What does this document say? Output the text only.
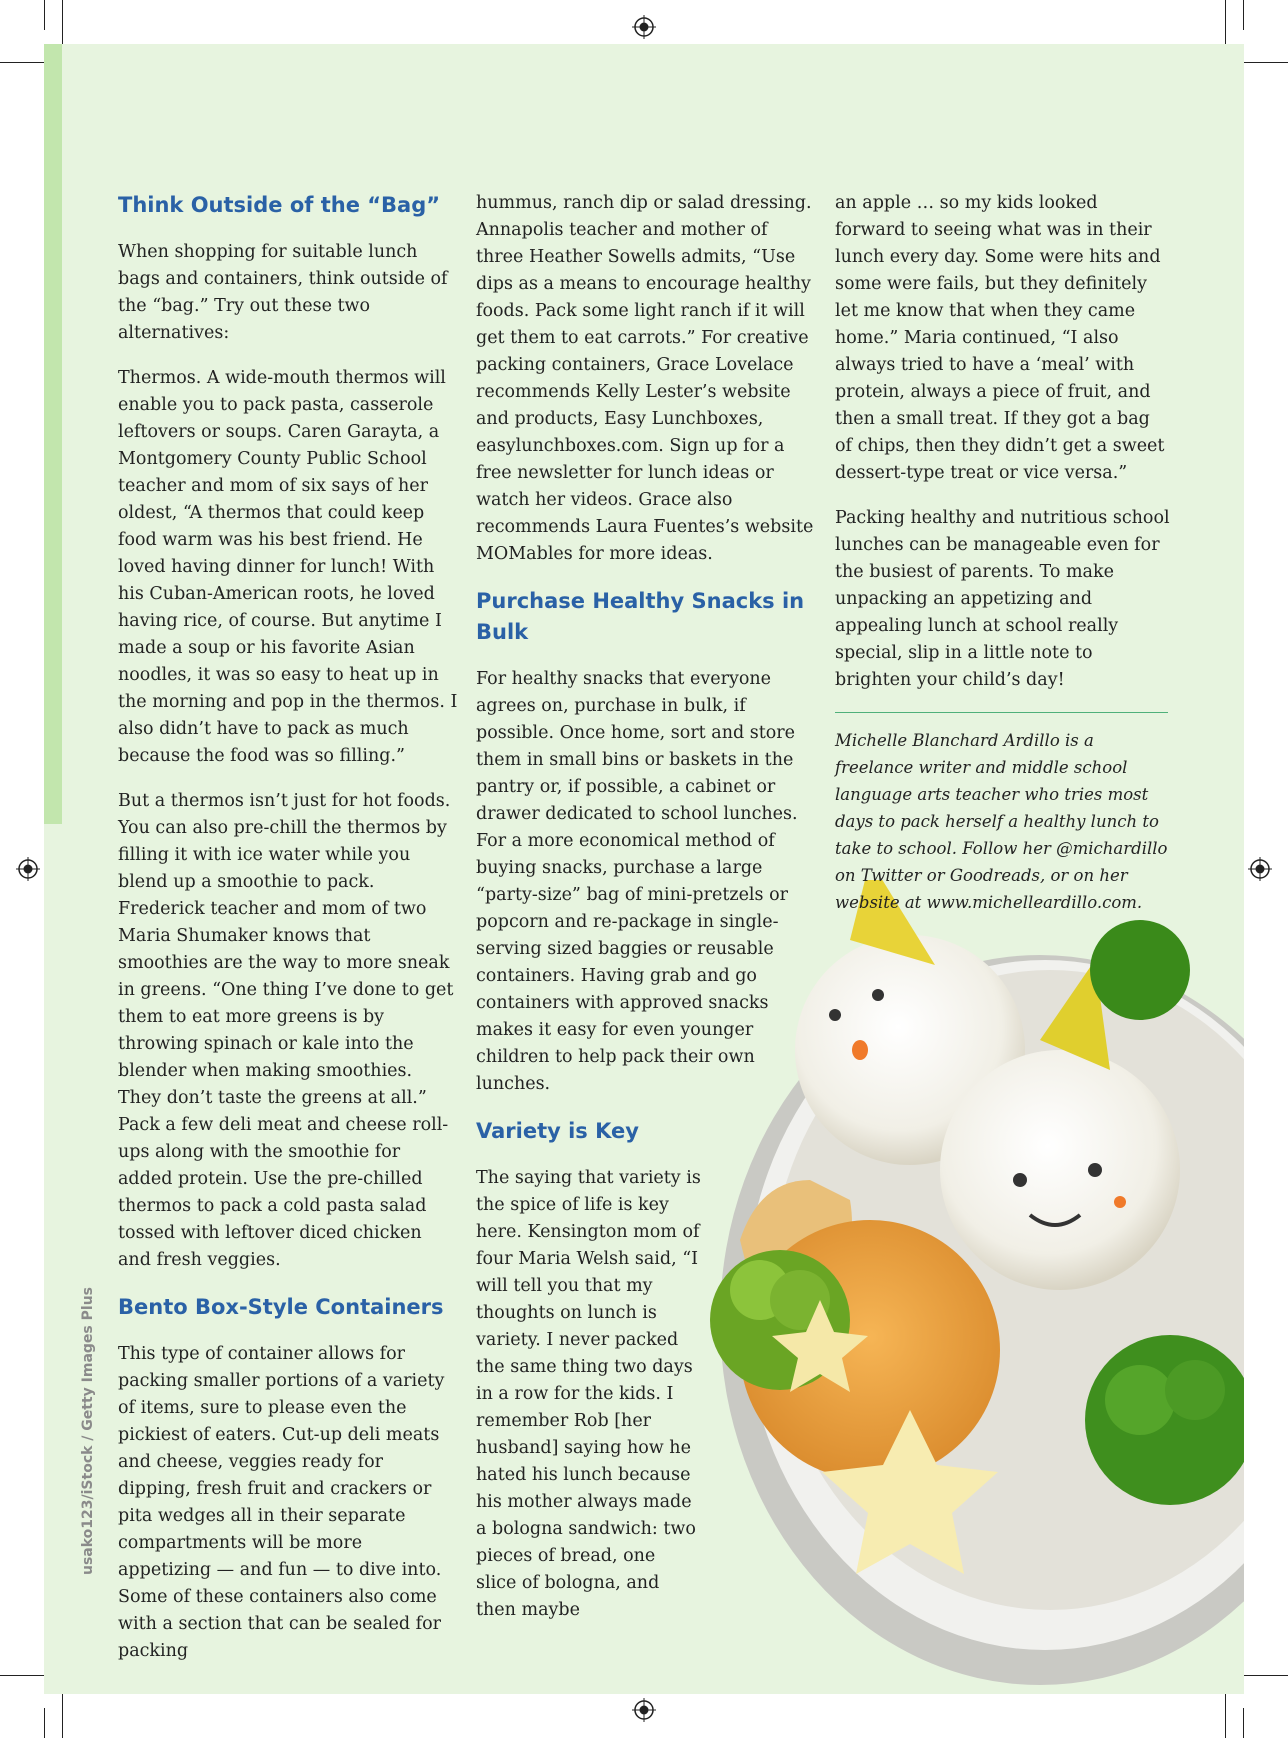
Think Outside of the “Bag”

When shopping for suitable lunch bags and containers, think outside of the “bag.” Try out these two alternatives:

Thermos. A wide-mouth thermos will enable you to pack pasta, casserole leftovers or soups. Caren Garayta, a Montgomery County Public School teacher and mom of six says of her oldest, “A thermos that could keep food warm was his best friend. He loved having dinner for lunch! With his Cuban-American roots, he loved having rice, of course. But anytime I made a soup or his favorite Asian noodles, it was so easy to heat up in the morning and pop in the thermos. I also didn’t have to pack as much because the food was so filling.”

But a thermos isn’t just for hot foods. You can also pre-chill the thermos by filling it with ice water while you blend up a smoothie to pack. Frederick teacher and mom of two Maria Shumaker knows that smoothies are the way to more sneak in greens. “One thing I’ve done to get them to eat more greens is by throwing spinach or kale into the blender when making smoothies. They don’t taste the greens at all.” Pack a few deli meat and cheese roll-ups along with the smoothie for added protein. Use the pre-chilled thermos to pack a cold pasta salad tossed with leftover diced chicken and fresh veggies.

Bento Box-Style Containers

This type of container allows for packing smaller portions of a variety of items, sure to please even the pickiest of eaters. Cut-up deli meats and cheese, veggies ready for dipping, fresh fruit and crackers or pita wedges all in their separate compartments will be more appetizing — and fun — to dive into. Some of these containers also come with a section that can be sealed for packing

hummus, ranch dip or salad dressing. Annapolis teacher and mother of three Heather Sowells admits, “Use dips as a means to encourage healthy foods. Pack some light ranch if it will get them to eat carrots.” For creative packing containers, Grace Lovelace recommends Kelly Lester’s website and products, Easy Lunchboxes, easylunchboxes.com. Sign up for a free newsletter for lunch ideas or watch her videos. Grace also recommends Laura Fuentes’s website MOMables for more ideas.

Purchase Healthy Snacks in Bulk

For healthy snacks that everyone agrees on, purchase in bulk, if possible. Once home, sort and store them in small bins or baskets in the pantry or, if possible, a cabinet or drawer dedicated to school lunches. For a more economical method of buying snacks, purchase a large “party-size” bag of mini-pretzels or popcorn and re-package in single-serving sized baggies or reusable containers. Having grab and go containers with approved snacks makes it easy for even younger children to help pack their own lunches.

Variety is Key

The saying that variety is the spice of life is key here. Kensington mom of four Maria Welsh said, “I will tell you that my thoughts on lunch is variety. I never packed the same thing two days in a row for the kids. I remember Rob [her husband] saying how he hated his lunch because his mother always made a bologna sandwich: two pieces of bread, one slice of bologna, and then maybe

an apple … so my kids looked forward to seeing what was in their lunch every day. Some were hits and some were fails, but they definitely let me know that when they came home.” Maria continued, “I also always tried to have a ‘meal’ with protein, always a piece of fruit, and then a small treat. If they got a bag of chips, then they didn’t get a sweet dessert-type treat or vice versa.”

Packing healthy and nutritious school lunches can be manageable even for the busiest of parents. To make unpacking an appetizing and appealing lunch at school really special, slip in a little note to brighten your child’s day!

Michelle Blanchard Ardillo is a freelance writer and middle school language arts teacher who tries most days to pack herself a healthy lunch to take to school. Follow her @michardillo on Twitter or Goodreads, or on her website at www.michelleardillo.com.

usako123/iStock / Getty Images Plus
